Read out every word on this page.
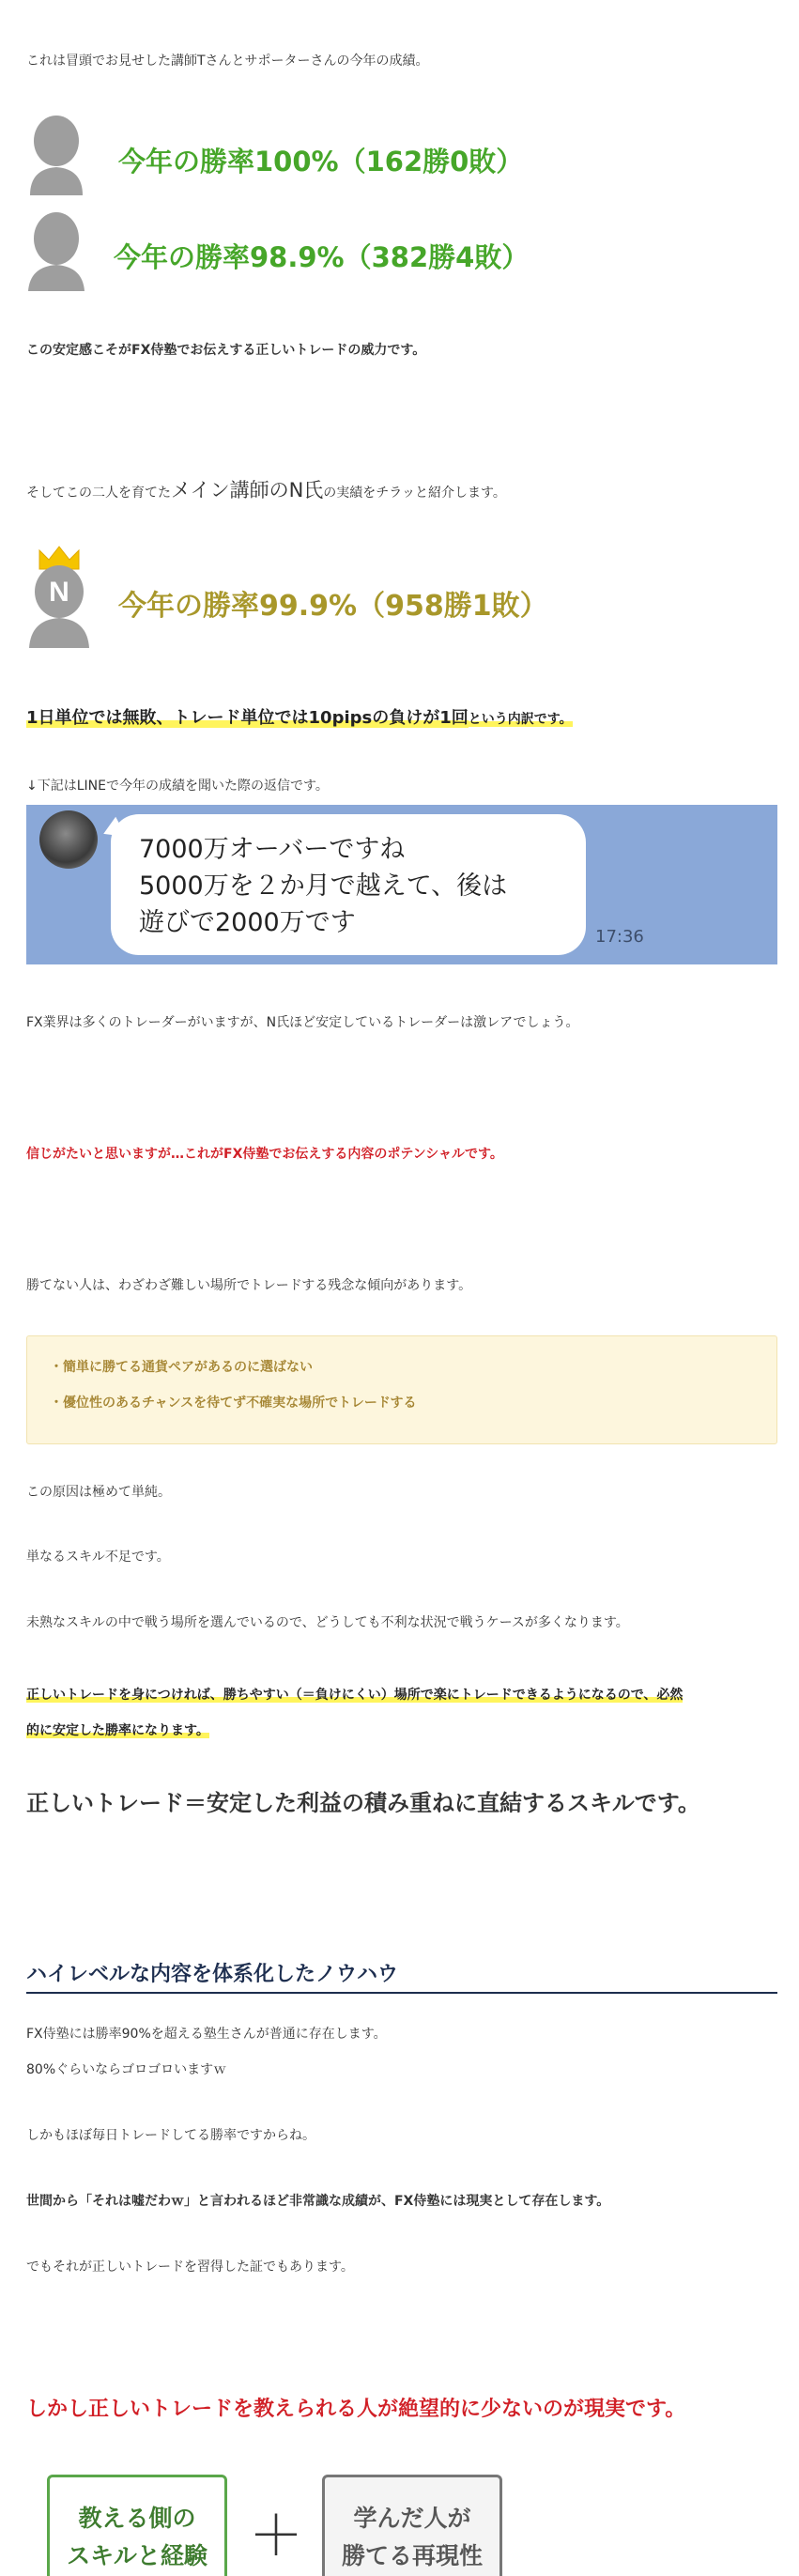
これは冒頭でお見せした講師Tさんとサポーターさんの今年の成績。

今年の勝率100%（162勝0敗）
今年の勝率98.9%（382勝4敗）

この安定感こそがFX侍塾でお伝えする正しいトレードの威力です。

そしてこの二人を育てたメイン講師のN氏の実績をチラッと紹介します。

N 今年の勝率99.9%（958勝1敗）

1日単位では無敗、トレード単位では10pipsの負けが1回という内訳です。

↓下記はLINEで今年の成績を聞いた際の返信です。

7000万オーバーですね
5000万を２か月で越えて、後は
遊びで2000万です	17:36

FX業界は多くのトレーダーがいますが、N氏ほど安定しているトレーダーは激レアでしょう。

信じがたいと思いますが…これがFX侍塾でお伝えする内容のポテンシャルです。

勝てない人は、わざわざ難しい場所でトレードする残念な傾向があります。

・簡単に勝てる通貨ペアがあるのに選ばない
・優位性のあるチャンスを待てず不確実な場所でトレードする

この原因は極めて単純。

単なるスキル不足です。

未熟なスキルの中で戦う場所を選んでいるので、どうしても不利な状況で戦うケースが多くなります。

正しいトレードを身につければ、勝ちやすい（＝負けにくい）場所で楽にトレードできるようになるので、必然
的に安定した勝率になります。

正しいトレード＝安定した利益の積み重ねに直結するスキルです。

ハイレベルな内容を体系化したノウハウ

FX侍塾には勝率90%を超える塾生さんが普通に存在します。

80%ぐらいならゴロゴロいますｗ

しかもほぼ毎日トレードしてる勝率ですからね。

世間から「それは嘘だわｗ」と言われるほど非常識な成績が、FX侍塾には現実として存在します。

でもそれが正しいトレードを習得した証でもあります。

しかし正しいトレードを教えられる人が絶望的に少ないのが現実です。

教える側の
スキルと経験 ＋	学んだ人が
勝てる再現性
